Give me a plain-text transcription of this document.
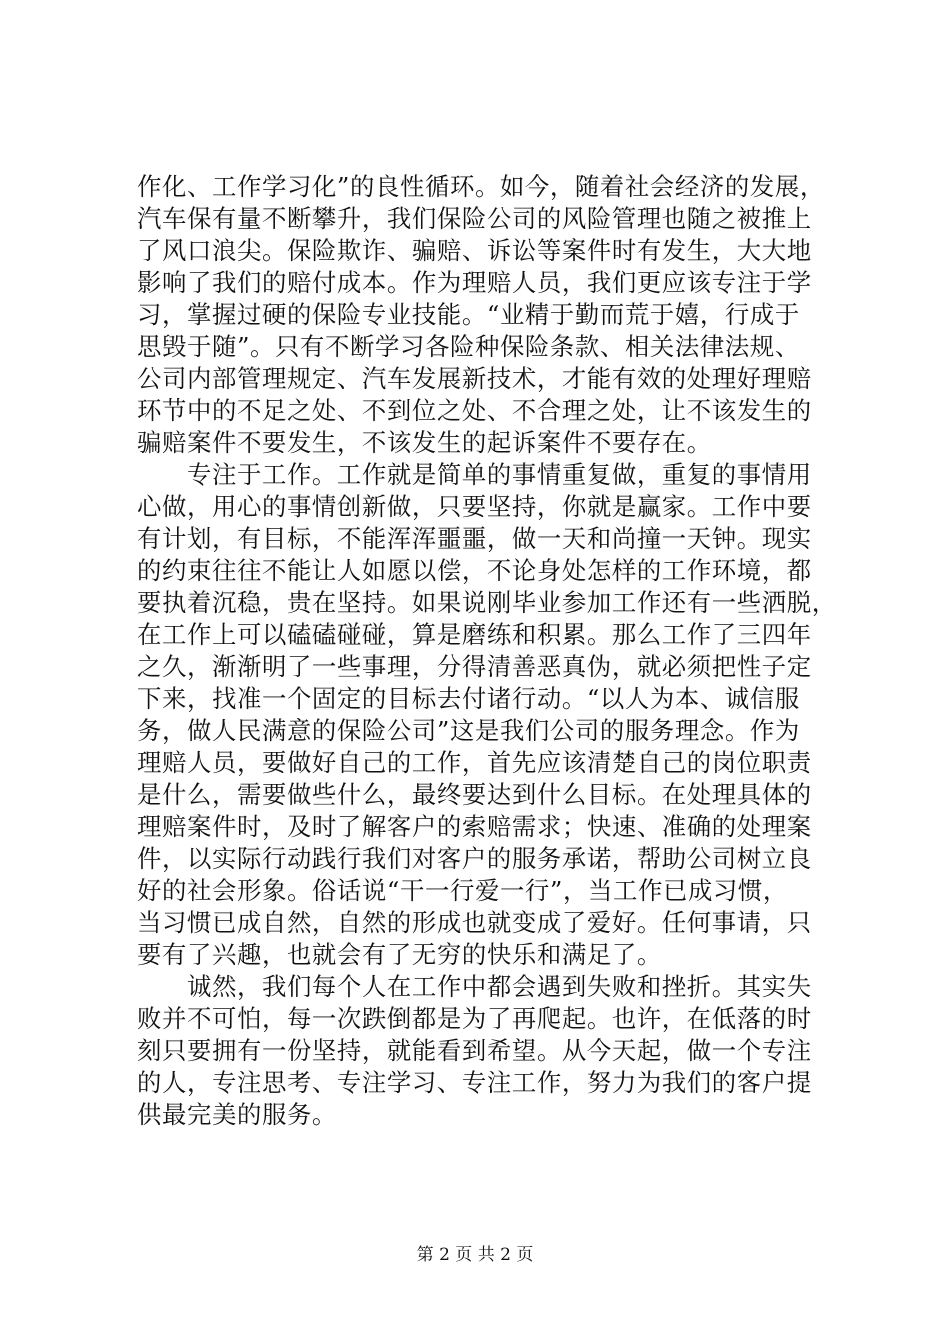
作化、工作学习化”的良性循环。如今，随着社会经济的发展，
汽车保有量不断攀升，我们保险公司的风险管理也随之被推上
了风口浪尖。保险欺诈、骗赔、诉讼等案件时有发生，大大地
影响了我们的赔付成本。作为理赔人员，我们更应该专注于学
习，掌握过硬的保险专业技能。“业精于勤而荒于嬉，行成于
思毁于随”。只有不断学习各险种保险条款、相关法律法规、
公司内部管理规定、汽车发展新技术，才能有效的处理好理赔
环节中的不足之处、不到位之处、不合理之处，让不该发生的
骗赔案件不要发生，不该发生的起诉案件不要存在。
　　专注于工作。工作就是简单的事情重复做，重复的事情用
心做，用心的事情创新做，只要坚持，你就是赢家。工作中要
有计划，有目标，不能浑浑噩噩，做一天和尚撞一天钟。现实
的约束往往不能让人如愿以偿，不论身处怎样的工作环境，都
要执着沉稳，贵在坚持。如果说刚毕业参加工作还有一些洒脱，
在工作上可以磕磕碰碰，算是磨练和积累。那么工作了三四年
之久，渐渐明了一些事理，分得清善恶真伪，就必须把性子定
下来，找准一个固定的目标去付诸行动。“以人为本、诚信服
务，做人民满意的保险公司”这是我们公司的服务理念。作为
理赔人员，要做好自己的工作，首先应该清楚自己的岗位职责
是什么，需要做些什么，最终要达到什么目标。在处理具体的
理赔案件时，及时了解客户的索赔需求；快速、准确的处理案
件，以实际行动践行我们对客户的服务承诺，帮助公司树立良
好的社会形象。俗话说“干一行爱一行”，当工作已成习惯，
当习惯已成自然，自然的形成也就变成了爱好。任何事请，只
要有了兴趣，也就会有了无穷的快乐和满足了。
　　诚然，我们每个人在工作中都会遇到失败和挫折。其实失
败并不可怕，每一次跌倒都是为了再爬起。也许，在低落的时
刻只要拥有一份坚持，就能看到希望。从今天起，做一个专注
的人，专注思考、专注学习、专注工作，努力为我们的客户提
供最完美的服务。
第 2 页 共 2 页
